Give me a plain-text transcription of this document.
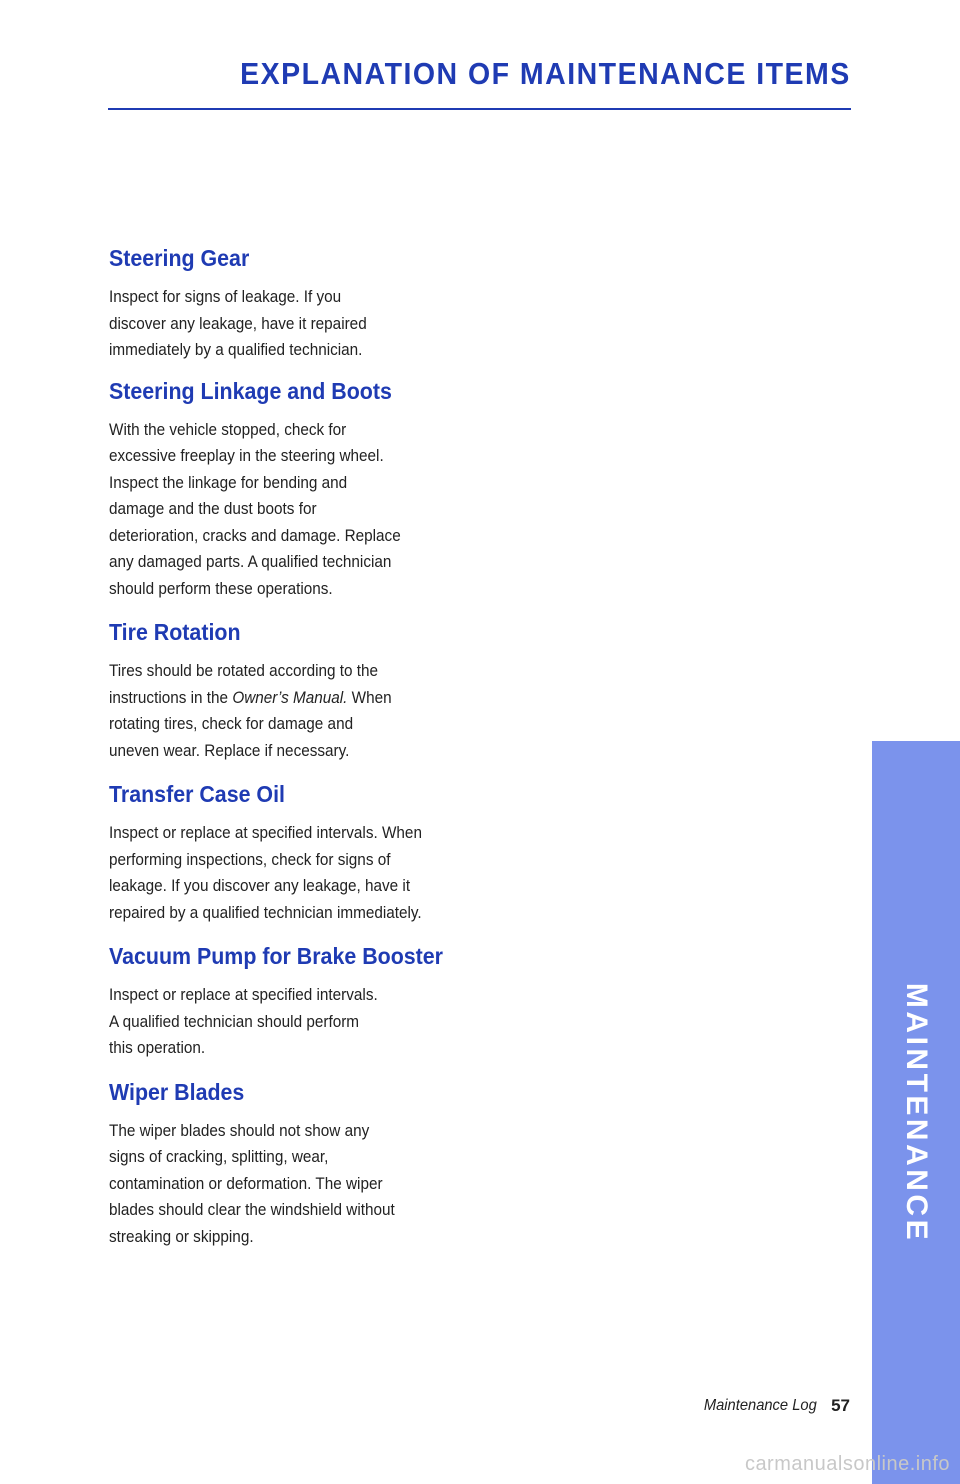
EXPLANATION OF MAINTENANCE ITEMS
Steering Gear

Inspect for signs of leakage. If you
discover any leakage, have it repaired
immediately by a qualified technician.

Steering Linkage and Boots

With the vehicle stopped, check for
excessive freeplay in the steering wheel.
Inspect the linkage for bending and
damage and the dust boots for
deterioration, cracks and damage. Replace
any damaged parts. A qualified technician
should perform these operations.

Tire Rotation

Tires should be rotated according to the
instructions in the Owner’s Manual. When
rotating tires, check for damage and
uneven wear. Replace if necessary.

Transfer Case Oil

Inspect or replace at specified intervals. When
performing inspections, check for signs of
leakage. If you discover any leakage, have it
repaired by a qualified technician immediately.

Vacuum Pump for Brake Booster

Inspect or replace at specified intervals.
A qualified technician should perform
this operation.

Wiper Blades

The wiper blades should not show any
signs of cracking, splitting, wear,
contamination or deformation. The wiper
blades should clear the windshield without
streaking or skipping.	MAINTENANCE
Maintenance Log 57
carmanualsonline.info
